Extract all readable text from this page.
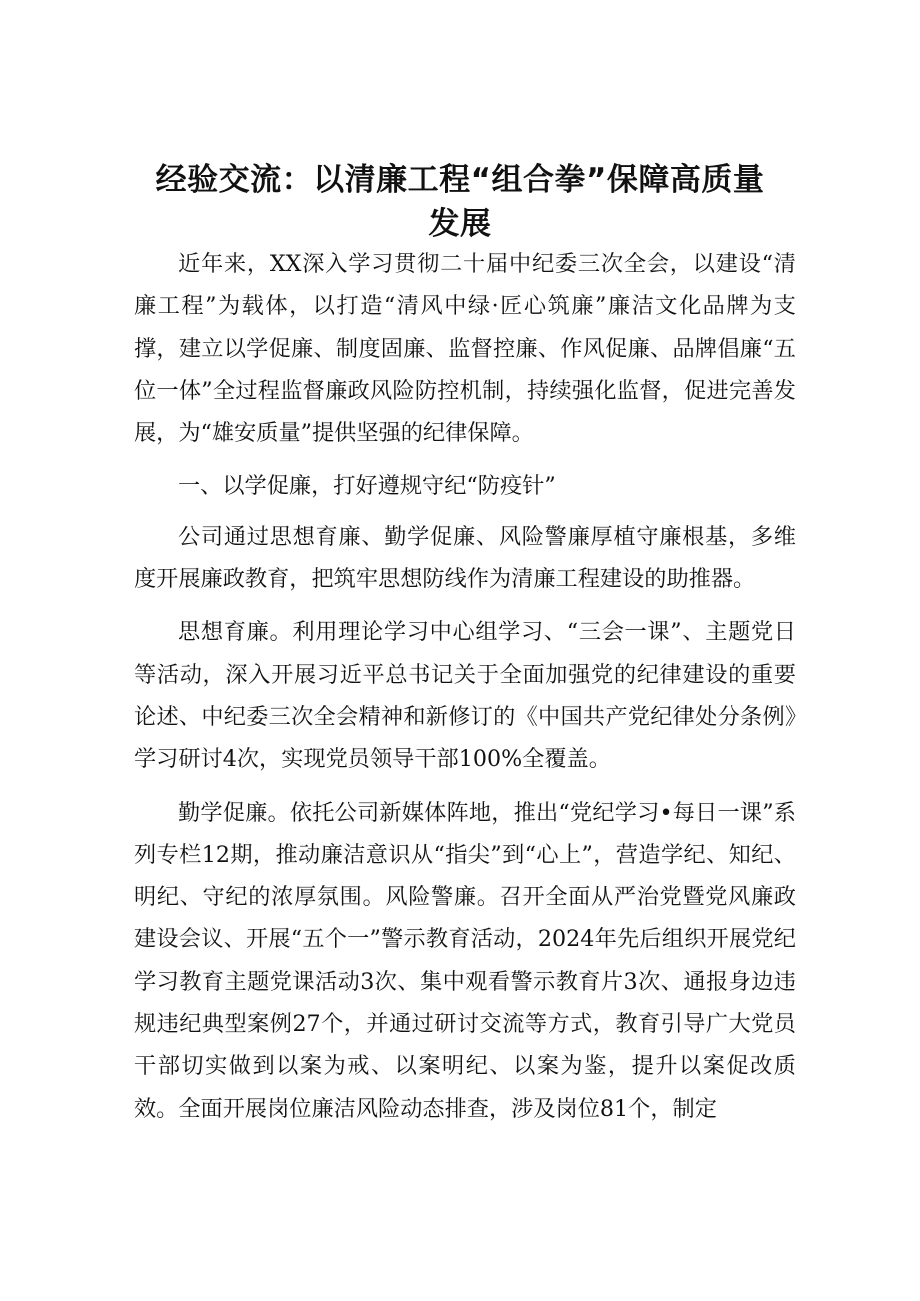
经验交流：以清廉工程“组合拳”保障高质量发展

近年来，XX深入学习贯彻二十届中纪委三次全会，以建设“清廉工程”为载体，以打造“清风中绿·匠心筑廉”廉洁文化品牌为支撑，建立以学促廉、制度固廉、监督控廉、作风促廉、品牌倡廉“五位一体”全过程监督廉政风险防控机制，持续强化监督，促进完善发展，为“雄安质量”提供坚强的纪律保障。

一、以学促廉，打好遵规守纪“防疫针”

公司通过思想育廉、勤学促廉、风险警廉厚植守廉根基，多维度开展廉政教育，把筑牢思想防线作为清廉工程建设的助推器。

思想育廉。利用理论学习中心组学习、“三会一课”、主题党日等活动，深入开展习近平总书记关于全面加强党的纪律建设的重要论述、中纪委三次全会精神和新修订的《中国共产党纪律处分条例》学习研讨4次，实现党员领导干部100%全覆盖。

勤学促廉。依托公司新媒体阵地，推出“党纪学习•每日一课”系列专栏12期，推动廉洁意识从“指尖”到“心上”，营造学纪、知纪、明纪、守纪的浓厚氛围。风险警廉。召开全面从严治党暨党风廉政建设会议、开展“五个一”警示教育活动，2024年先后组织开展党纪学习教育主题党课活动3次、集中观看警示教育片3次、通报身边违规违纪典型案例27个，并通过研讨交流等方式，教育引导广大党员干部切实做到以案为戒、以案明纪、以案为鉴，提升以案促改质效。全面开展岗位廉洁风险动态排查，涉及岗位81个，制定
